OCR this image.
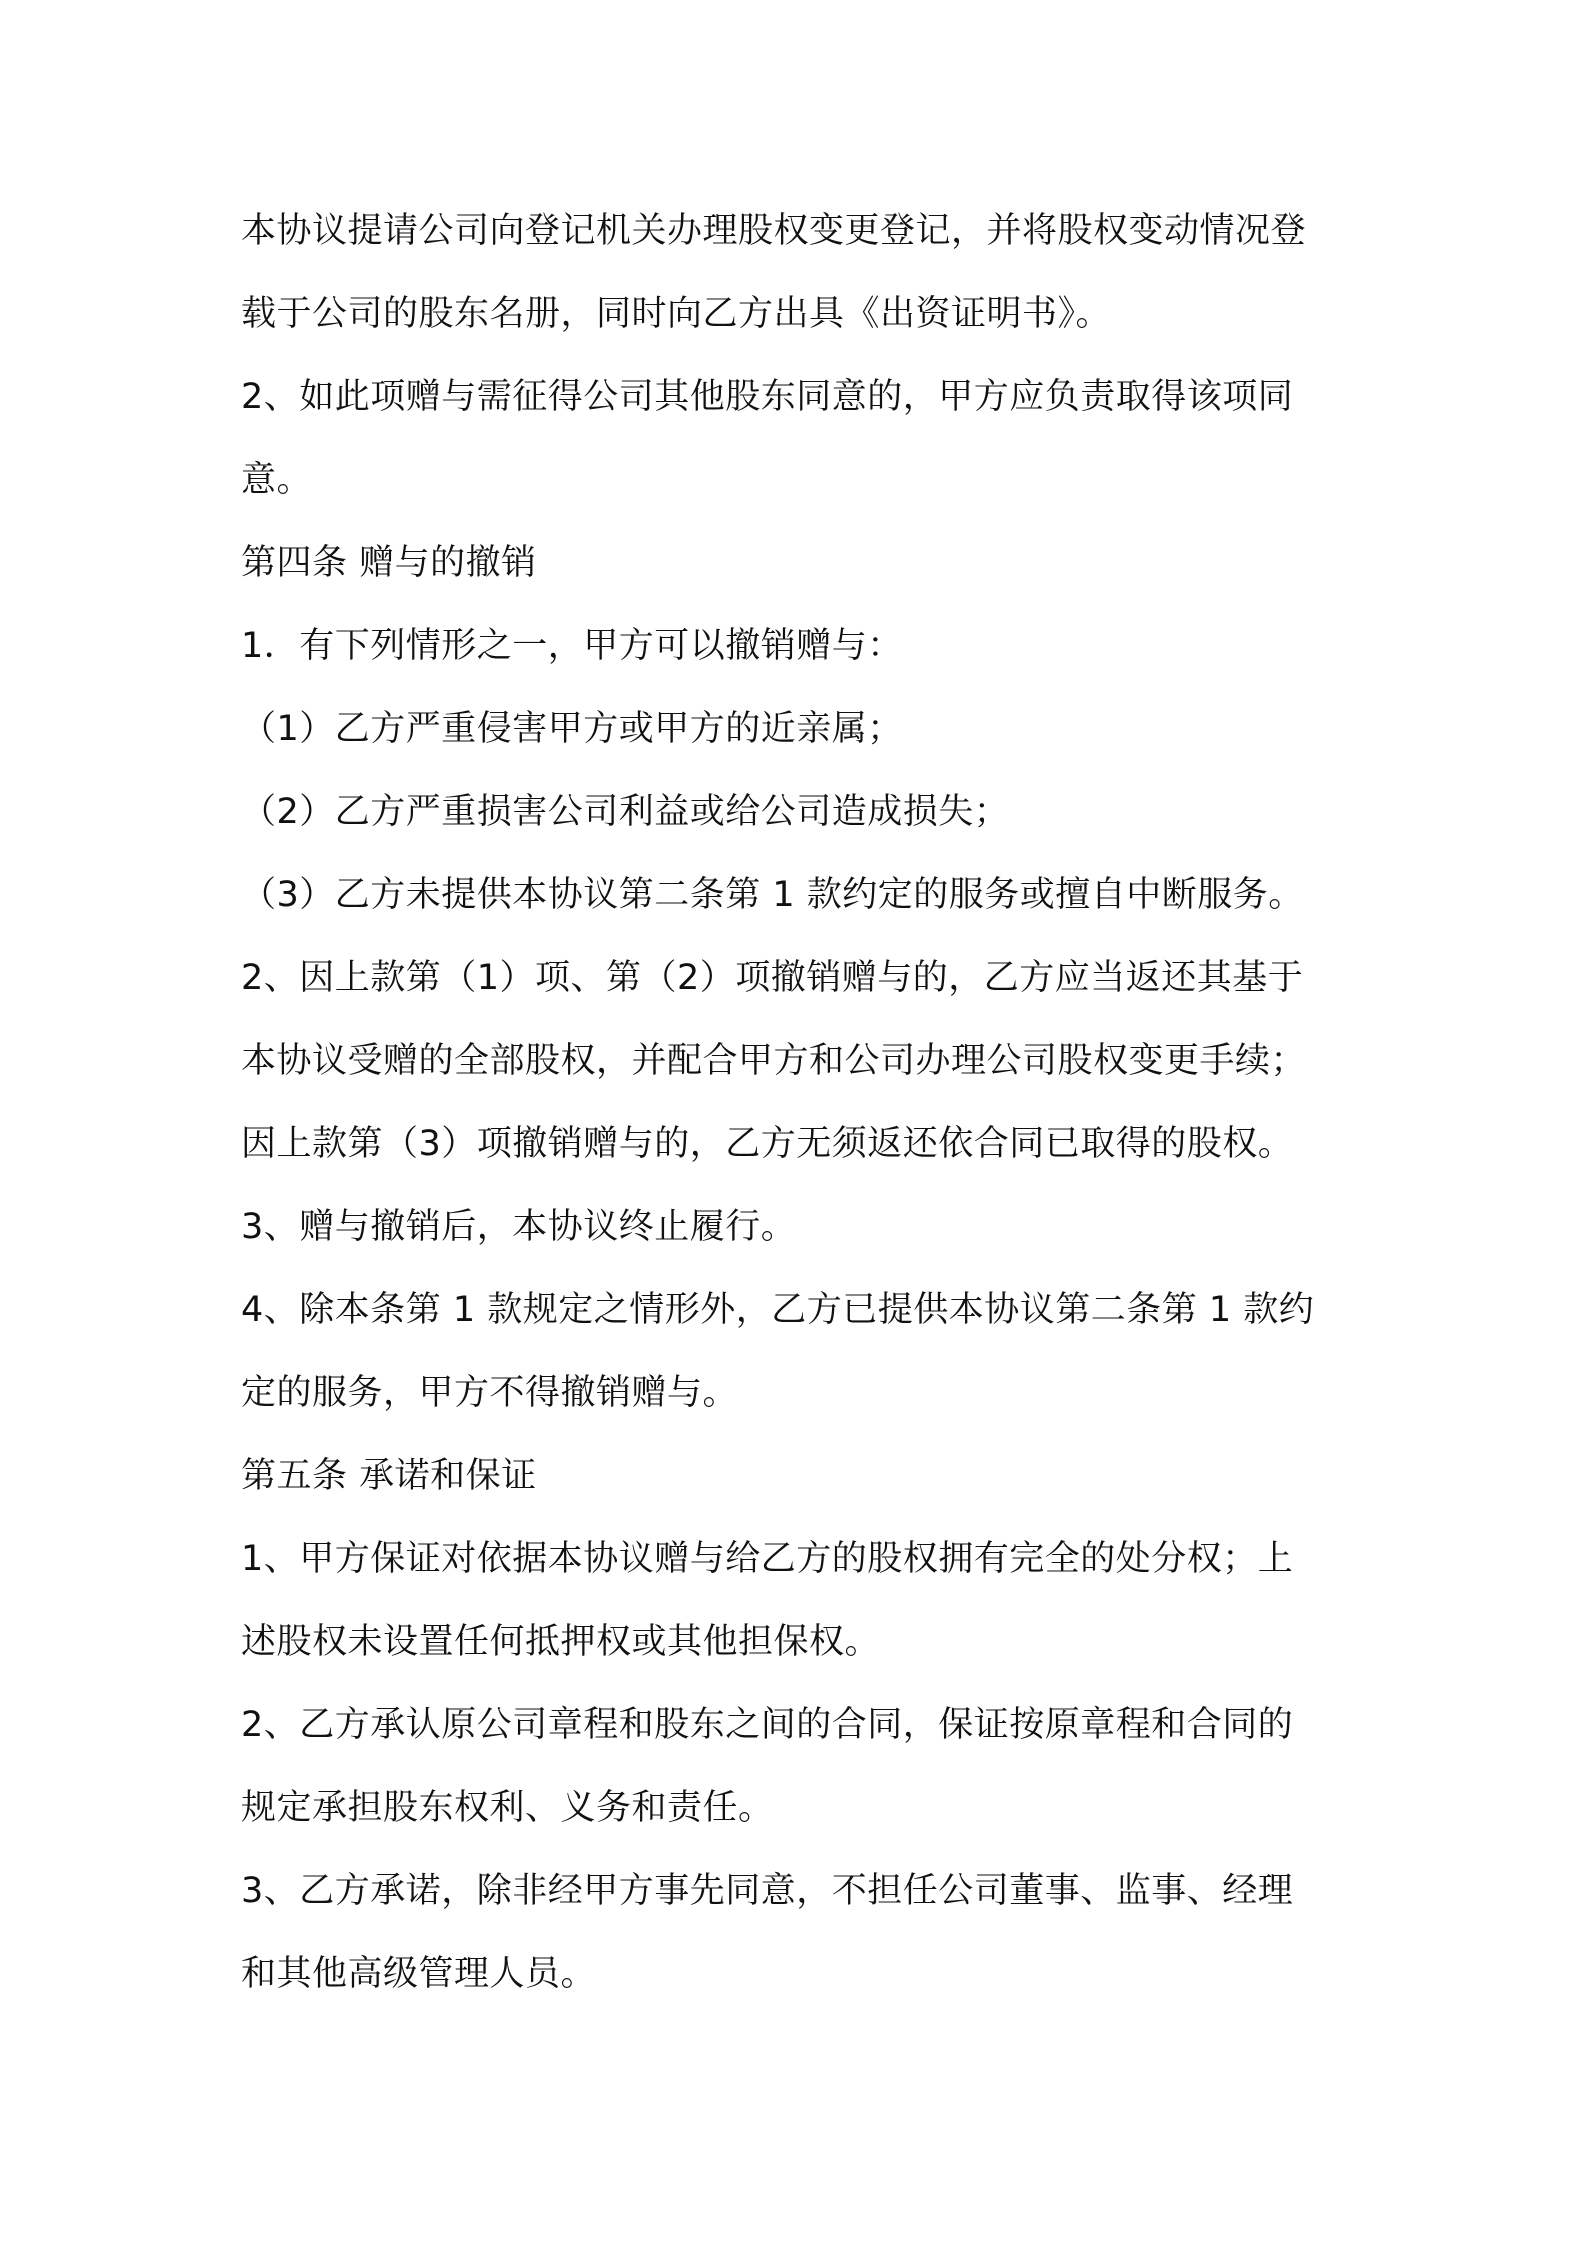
本协议提请公司向登记机关办理股权变更登记，并将股权变动情况登
载于公司的股东名册，同时向乙方出具《出资证明书》。
2、如此项赠与需征得公司其他股东同意的，甲方应负责取得该项同
意。
第四条 赠与的撤销
1．有下列情形之一，甲方可以撤销赠与：
（1）乙方严重侵害甲方或甲方的近亲属；
（2）乙方严重损害公司利益或给公司造成损失；
（3）乙方未提供本协议第二条第 1 款约定的服务或擅自中断服务。
2、因上款第（1）项、第（2）项撤销赠与的，乙方应当返还其基于
本协议受赠的全部股权，并配合甲方和公司办理公司股权变更手续；
因上款第（3）项撤销赠与的，乙方无须返还依合同已取得的股权。
3、赠与撤销后，本协议终止履行。
4、除本条第 1 款规定之情形外，乙方已提供本协议第二条第 1 款约
定的服务，甲方不得撤销赠与。
第五条 承诺和保证
1、甲方保证对依据本协议赠与给乙方的股权拥有完全的处分权；上
述股权未设置任何抵押权或其他担保权。
2、乙方承认原公司章程和股东之间的合同，保证按原章程和合同的
规定承担股东权利、义务和责任。
3、乙方承诺，除非经甲方事先同意，不担任公司董事、监事、经理
和其他高级管理人员。
